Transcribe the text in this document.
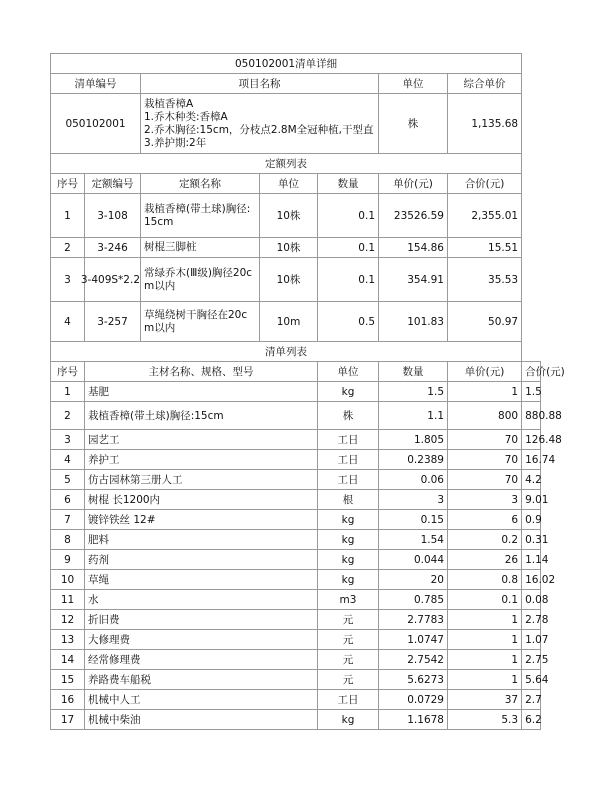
050102001清单详细							
清单编号		项目名称			单位	综合单价	
050102001		栽植香樟A
1.乔木种类:香樟A
2.乔木胸径:15cm，分枝点2.8M全冠种植,干型直
3.养护期:2年			株	1,135.68	
定额列表							
序号	定额编号	定额名称	单位	数量	单价(元)	合价(元)	
1	3-108	栽植香樟(带土球)胸径:15cm	10株	0.1	23526.59	2,355.01	
2	3-246	树棍三脚桩	10株	0.1	154.86	15.51	
3	3-409S*2.2	常绿乔木(Ⅲ级)胸径20cm以内	10株	0.1	354.91	35.53	
4	3-257	草绳绕树干胸径在20cm以内	10m	0.5	101.83	50.97	
清单列表							
序号	主材名称、规格、型号			单位	数量	单价(元)	合价(元)
1	基肥			kg	1.5	1	1.5
2	栽植香樟(带土球)胸径:15cm			株	1.1	800	880.88
3	园艺工			工日	1.805	70	126.48
4	养护工			工日	0.2389	70	16.74
5	仿古园林第三册人工			工日	0.06	70	4.2
6	树棍 长1200内			根	3	3	9.01
7	镀锌铁丝 12#			kg	0.15	6	0.9
8	肥料			kg	1.54	0.2	0.31
9	药剂			kg	0.044	26	1.14
10	草绳			kg	20	0.8	16.02
11	水			m3	0.785	0.1	0.08
12	折旧费			元	2.7783	1	2.78
13	大修理费			元	1.0747	1	1.07
14	经常修理费			元	2.7542	1	2.75
15	养路费车船税			元	5.6273	1	5.64
16	机械中人工			工日	0.0729	37	2.7
17	机械中柴油			kg	1.1678	5.3	6.2
